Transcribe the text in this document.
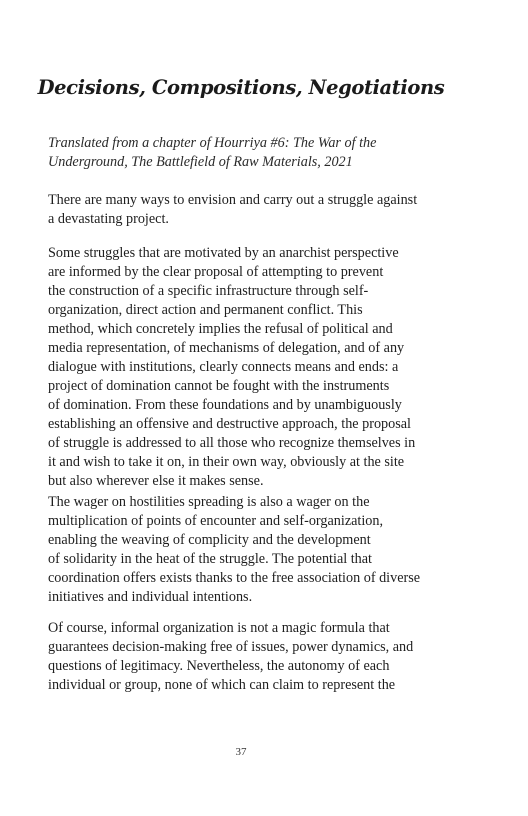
Decisions, Compositions, Negotiations

Translated from a chapter of Hourriya #6: The War of the
Underground, The Battlefield of Raw Materials, 2021

There are many ways to envision and carry out a struggle against
a devastating project.

Some struggles that are motivated by an anarchist perspective
are informed by the clear proposal of attempting to prevent
the construction of a specific infrastructure through self-
organization, direct action and permanent conflict. This
method, which concretely implies the refusal of political and
media representation, of mechanisms of delegation, and of any
dialogue with institutions, clearly connects means and ends: a
project of domination cannot be fought with the instruments
of domination. From these foundations and by unambiguously
establishing an offensive and destructive approach, the proposal
of struggle is addressed to all those who recognize themselves in
it and wish to take it on, in their own way, obviously at the site
but also wherever else it makes sense.

The wager on hostilities spreading is also a wager on the
multiplication of points of encounter and self-organization,
enabling the weaving of complicity and the development
of solidarity in the heat of the struggle. The potential that
coordination offers exists thanks to the free association of diverse
initiatives and individual intentions.

Of course, informal organization is not a magic formula that
guarantees decision-making free of issues, power dynamics, and
questions of legitimacy. Nevertheless, the autonomy of each
individual or group, none of which can claim to represent the

37
